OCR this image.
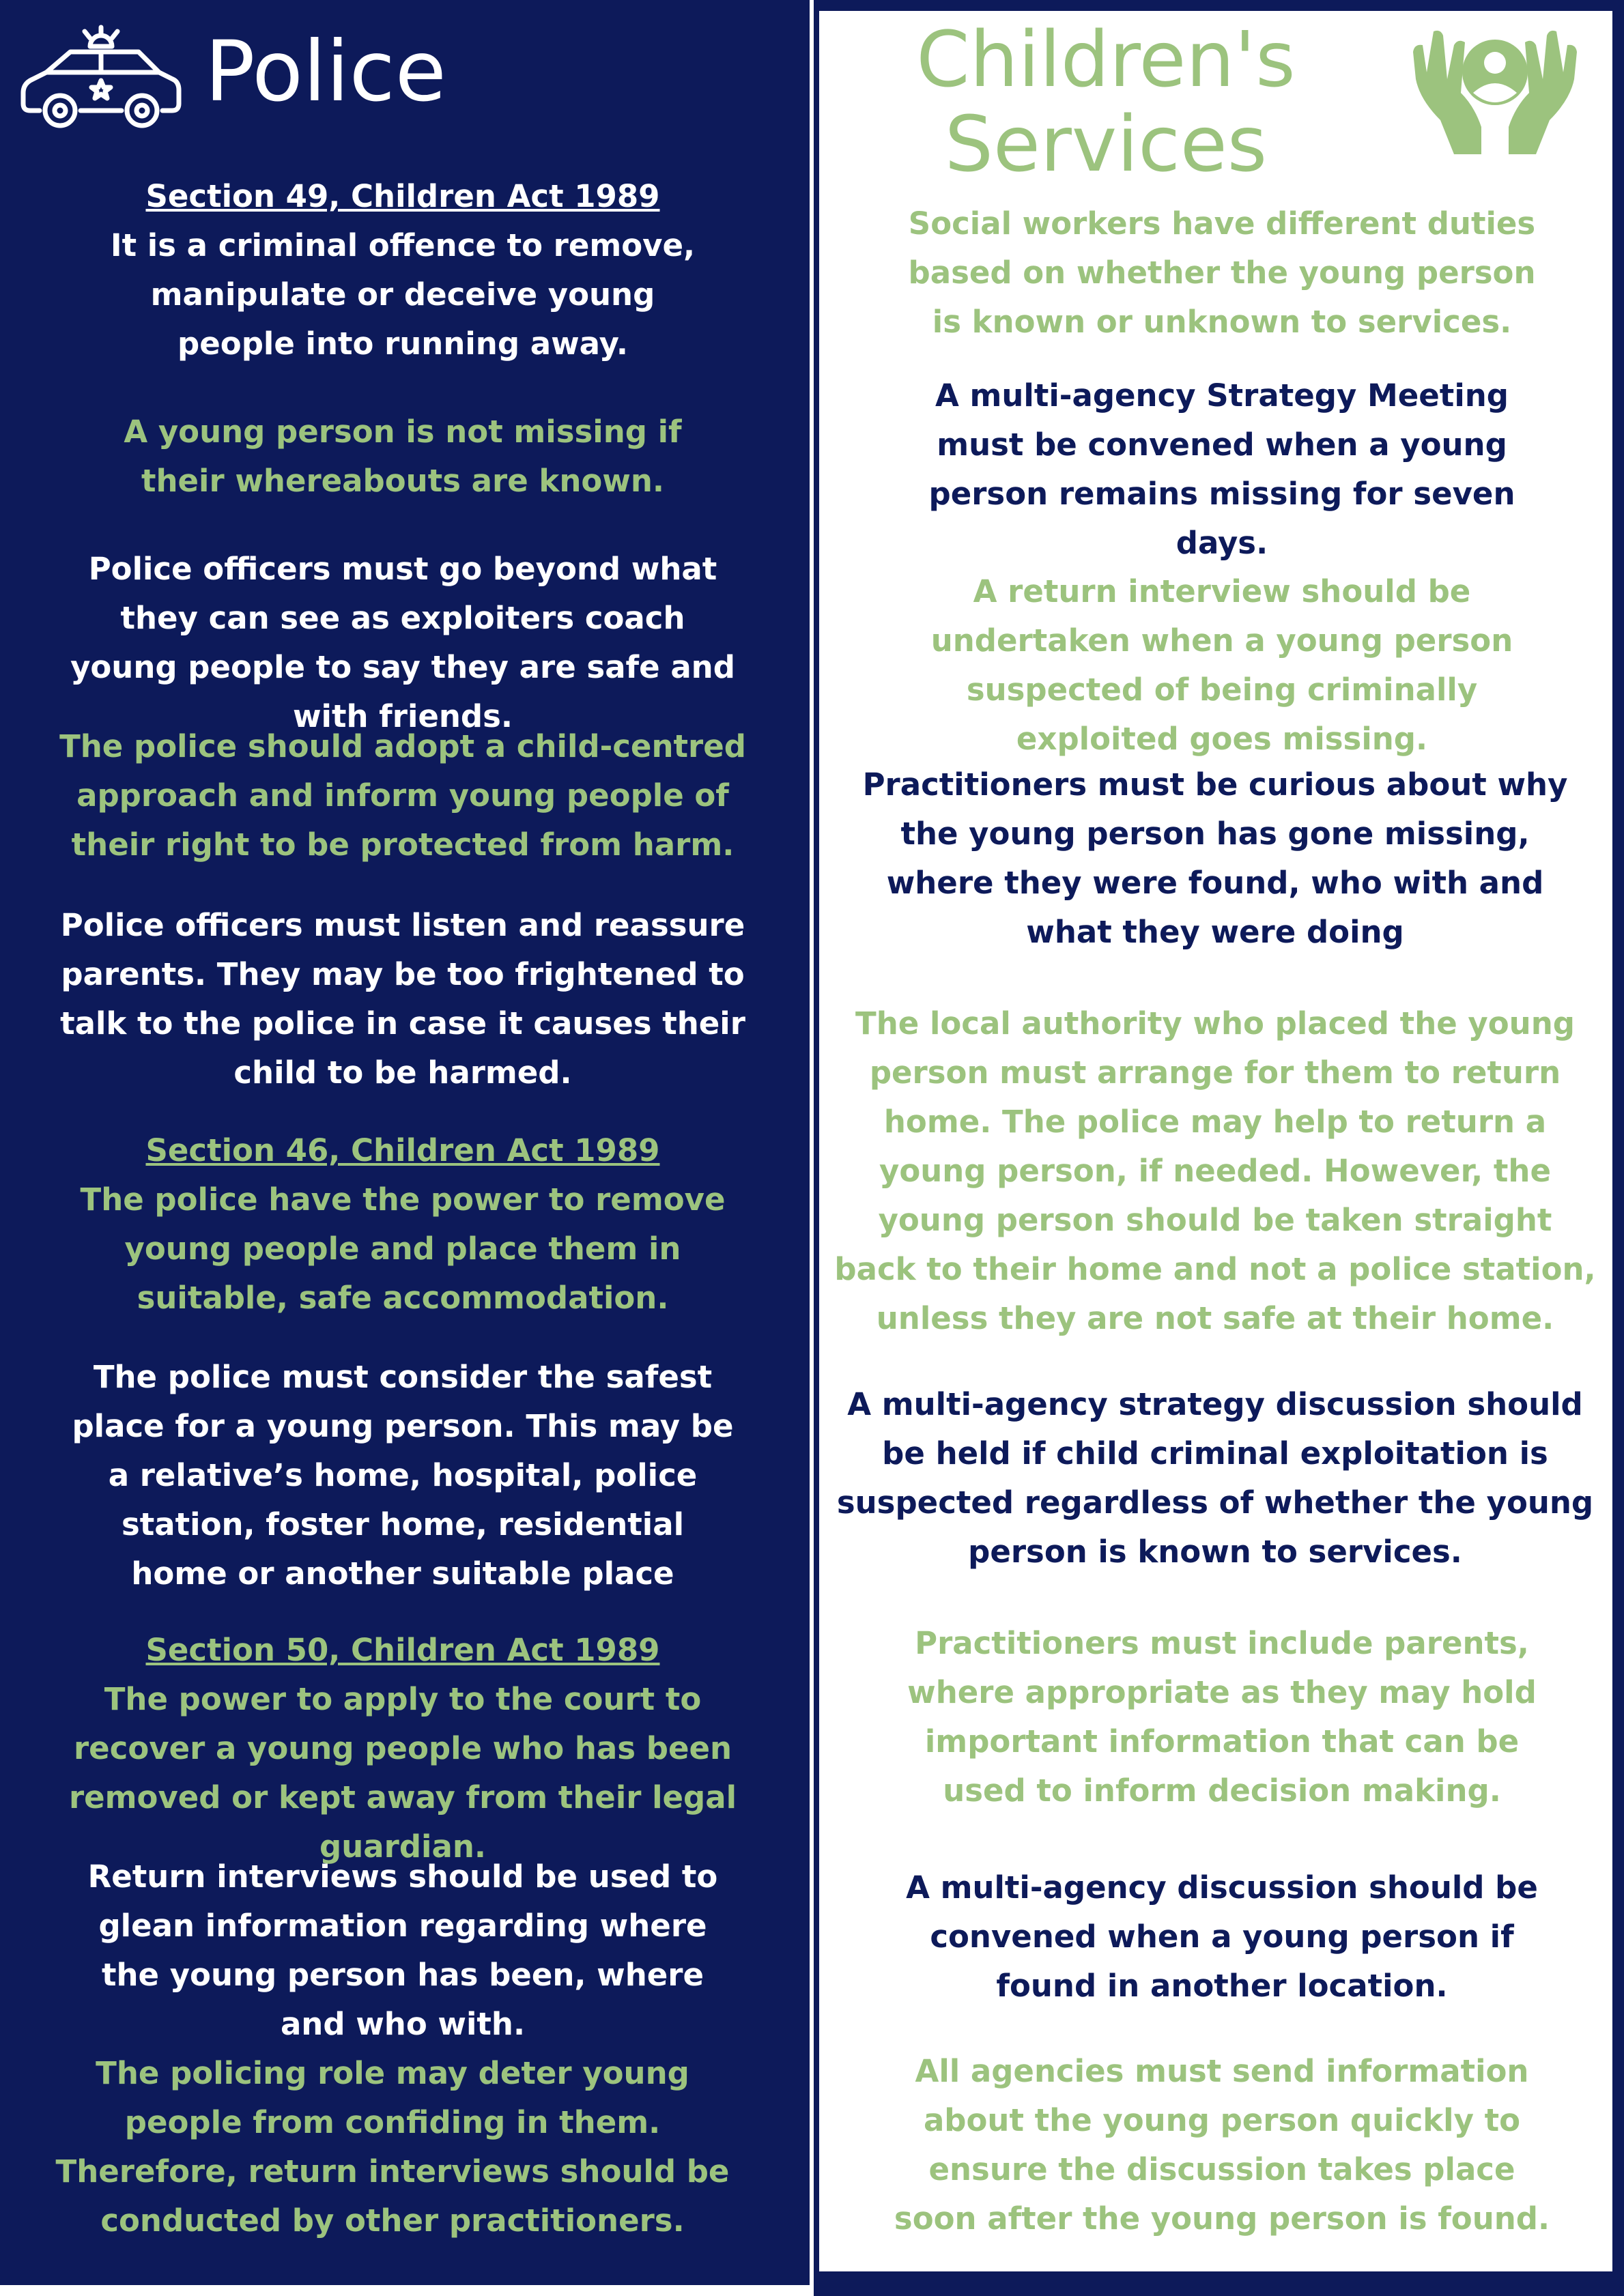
Police
Section 49, Children Act 1989
It is a criminal offence to remove, manipulate or deceive young people into running away.
A young person is not missing if their whereabouts are known.
Police officers must go beyond what they can see as exploiters coach young people to say they are safe and with friends.
The police should adopt a child-centred approach and inform young people of their right to be protected from harm.
Police officers must listen and reassure parents. They may be too frightened to talk to the police in case it causes their child to be harmed.
Section 46, Children Act 1989
The police have the power to remove young people and place them in suitable, safe accommodation.
The police must consider the safest place for a young person. This may be a relative’s home, hospital, police station, foster home, residential home or another suitable place
Section 50, Children Act 1989
The power to apply to the court to recover a young people who has been removed or kept away from their legal guardian.
Return interviews should be used to glean information regarding where the young person has been, where and who with.
The policing role may deter young people from confiding in them. Therefore, return interviews should be conducted by other practitioners.
Children's
Services
Social workers have different duties based on whether the young person is known or unknown to services.
A multi-agency Strategy Meeting must be convened when a young person remains missing for seven days.
A return interview should be undertaken when a young person suspected of being criminally exploited goes missing.
Practitioners must be curious about why the young person has gone missing, where they were found, who with and what they were doing
The local authority who placed the young person must arrange for them to return home. The police may help to return a young person, if needed. However, the young person should be taken straight back to their home and not a police station, unless they are not safe at their home.
A multi-agency strategy discussion should be held if child criminal exploitation is suspected regardless of whether the young person is known to services.
Practitioners must include parents, where appropriate as they may hold important information that can be used to inform decision making.
A multi-agency discussion should be convened when a young person if found in another location.
All agencies must send information about the young person quickly to ensure the discussion takes place soon after the young person is found.
